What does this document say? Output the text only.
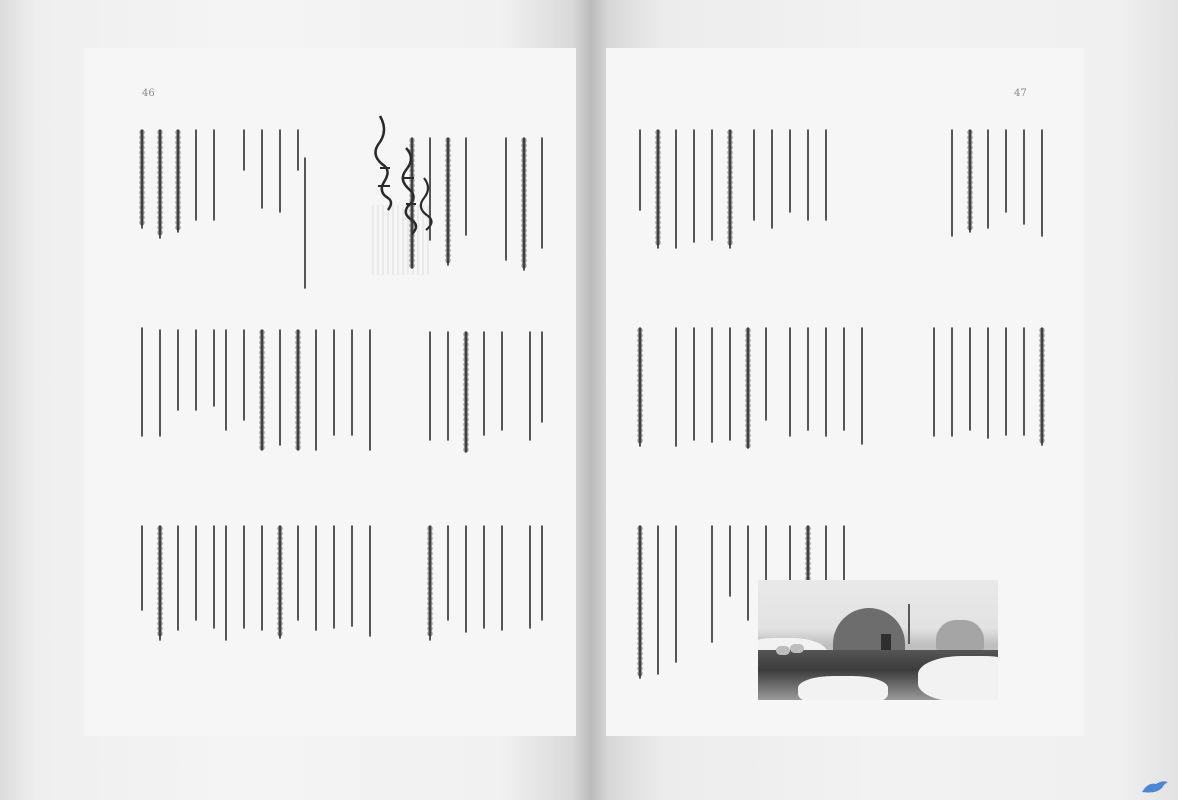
46	47
